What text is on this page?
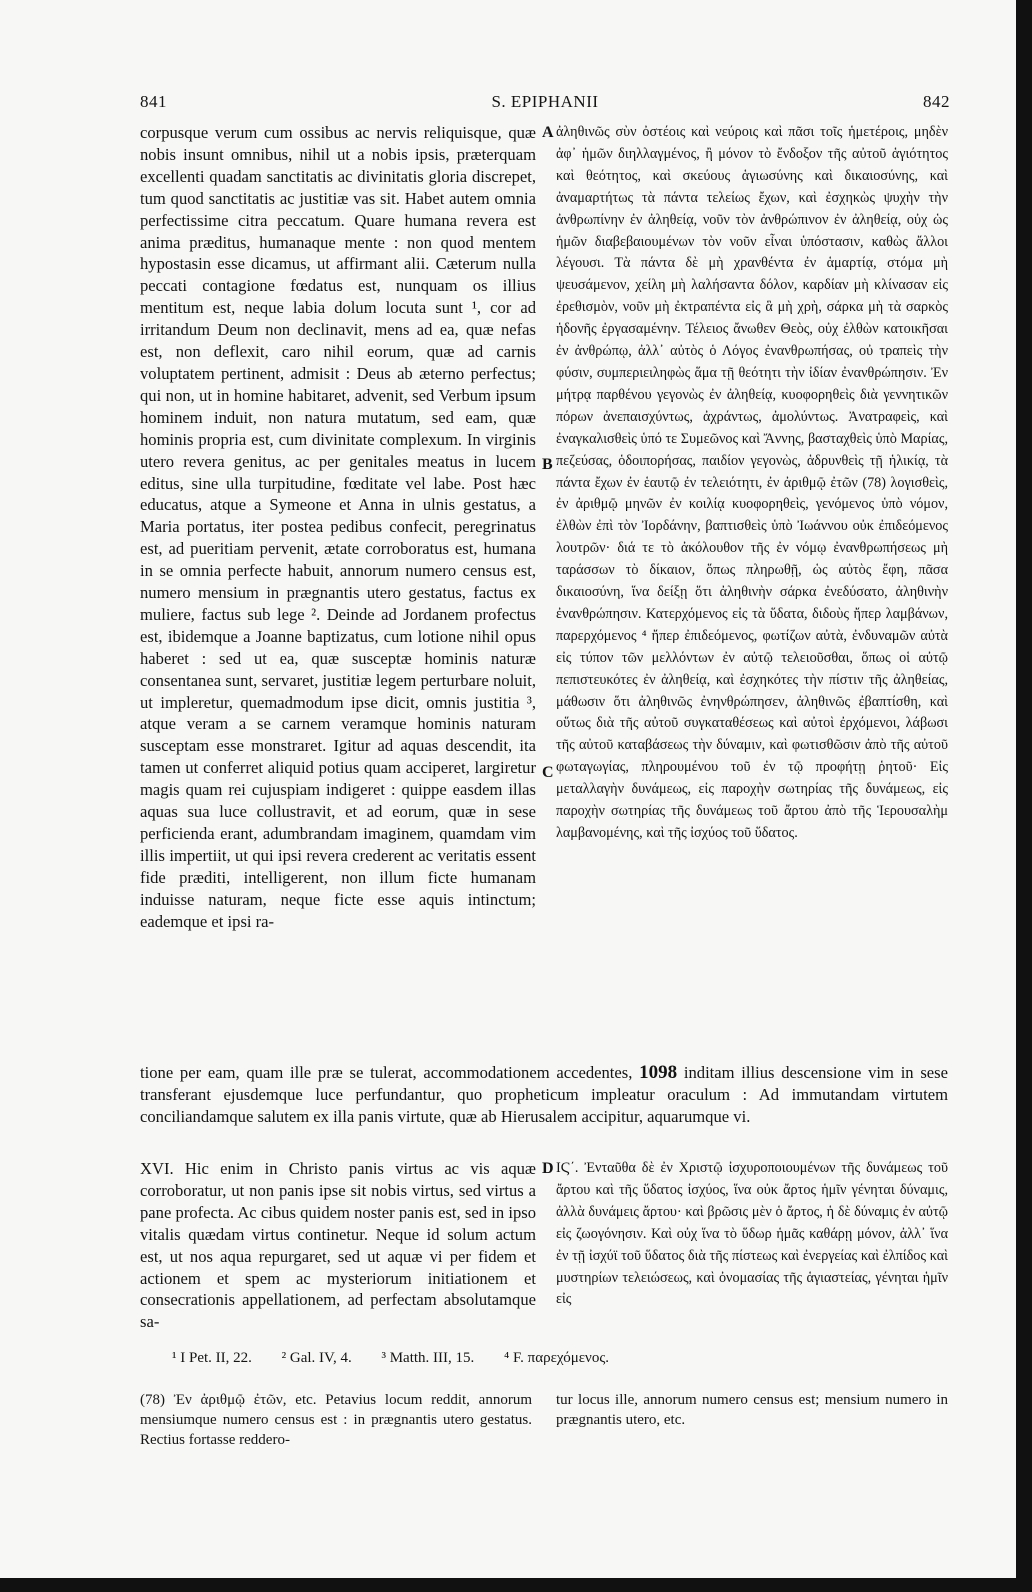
841	S. EPIPHANII	842

corpusque verum cum ossibus ac nervis reliquisque, quæ nobis insunt omnibus, nihil ut a nobis ipsis, præterquam excellenti quadam sanctitatis ac divinitatis gloria discrepet, tum quod sanctitatis ac justitiæ vas sit. Habet autem omnia perfectissime citra peccatum. Quare humana revera est anima præditus, humanaque mente : non quod mentem hypostasin esse dicamus, ut affirmant alii. Cæterum nulla peccati contagione fœdatus est, nunquam os illius mentitum est, neque labia dolum locuta sunt ¹, cor ad irritandum Deum non declinavit, mens ad ea, quæ nefas est, non deflexit, caro nihil eorum, quæ ad carnis voluptatem pertinent, admisit : Deus ab æterno perfectus; qui non, ut in homine habitaret, advenit, sed Verbum ipsum hominem induit, non natura mutatum, sed eam, quæ hominis propria est, cum divinitate complexum. In virginis utero revera genitus, ac per genitales meatus in lucem editus, sine ulla turpitudine, fœditate vel labe. Post hæc educatus, atque a Symeone et Anna in ulnis gestatus, a Maria portatus, iter postea pedibus confecit, peregrinatus est, ad pueritiam pervenit, ætate corroboratus est, humana in se omnia perfecte habuit, annorum numero census est, numero mensium in prægnantis utero gestatus, factus ex muliere, factus sub lege ². Deinde ad Jordanem profectus est, ibidemque a Joanne baptizatus, cum lotione nihil opus haberet : sed ut ea, quæ susceptæ hominis naturæ consentanea sunt, servaret, justitiæ legem perturbare noluit, ut impleretur, quemadmodum ipse dicit, omnis justitia ³, atque veram a se carnem veramque hominis naturam susceptam esse monstraret. Igitur ad aquas descendit, ita tamen ut conferret aliquid potius quam acciperet, largiretur magis quam rei cujuspiam indigeret : quippe easdem illas aquas sua luce collustravit, et ad eorum, quæ in sese perficienda erant, adumbrandam imaginem, quamdam vim illis impertiit, ut qui ipsi revera crederent ac veritatis essent fide præditi, intelligerent, non illum ficte humanam induisse naturam, neque ficte esse aquis intinctum; eademque et ipsi ra-

A
B
C
D

ἀληθινῶς σὺν ὀστέοις καὶ νεύροις καὶ πᾶσι τοῖς ἡμετέροις, μηδὲν ἀφ᾽ ἡμῶν διηλλαγμένος, ἢ μόνον τὸ ἔνδοξον τῆς αὐτοῦ ἁγιότητος καὶ θεότητος, καὶ σκεύους ἁγιωσύνης καὶ δικαιοσύνης, καὶ ἀναμαρτήτως τὰ πάντα τελείως ἔχων, καὶ ἐσχηκὼς ψυχὴν τὴν ἀνθρωπίνην ἐν ἀληθείᾳ, νοῦν τὸν ἀνθρώπινον ἐν ἀληθείᾳ, οὐχ ὡς ἡμῶν διαβεβαιουμένων τὸν νοῦν εἶναι ὑπόστασιν, καθὼς ἄλλοι λέγουσι. Τὰ πάντα δὲ μὴ χρανθέντα ἐν ἁμαρτίᾳ, στόμα μὴ ψευσάμενον, χείλη μὴ λαλήσαντα δόλον, καρδίαν μὴ κλίνασαν εἰς ἐρεθισμὸν, νοῦν μὴ ἐκτραπέντα εἰς ἃ μὴ χρὴ, σάρκα μὴ τὰ σαρκὸς ἡδονῆς ἐργασαμένην. Τέλειος ἄνωθεν Θεὸς, οὐχ ἐλθὼν κατοικῆσαι ἐν ἀνθρώπῳ, ἀλλ᾽ αὐτὸς ὁ Λόγος ἐνανθρωπήσας, οὐ τραπεὶς τὴν φύσιν, συμπεριειληφὼς ἅμα τῇ θεότητι τὴν ἰδίαν ἐνανθρώπησιν. Ἐν μήτρᾳ παρθένου γεγονὼς ἐν ἀληθείᾳ, κυοφορηθεὶς διὰ γεννητικῶν πόρων ἀνεπαισχύντως, ἀχράντως, ἀμολύντως. Ἀνατραφεὶς, καὶ ἐναγκαλισθεὶς ὑπό τε Συμεῶνος καὶ Ἄννης, βασταχθεὶς ὑπὸ Μαρίας, πεζεύσας, ὁδοιπορήσας, παιδίον γεγονὼς, ἁδρυνθεὶς τῇ ἡλικίᾳ, τὰ πάντα ἔχων ἐν ἑαυτῷ ἐν τελειότητι, ἐν ἀριθμῷ ἐτῶν (78) λογισθεὶς, ἐν ἀριθμῷ μηνῶν ἐν κοιλίᾳ κυοφορηθεὶς, γενόμενος ὑπὸ νόμον, ἐλθὼν ἐπὶ τὸν Ἰορδάνην, βαπτισθεὶς ὑπὸ Ἰωάννου οὐκ ἐπιδεόμενος λουτρῶν· διά τε τὸ ἀκόλουθον τῆς ἐν νόμῳ ἐνανθρωπήσεως μὴ ταράσσων τὸ δίκαιον, ὅπως πληρωθῇ, ὡς αὐτὸς ἔφη, πᾶσα δικαιοσύνη, ἵνα δείξῃ ὅτι ἀληθινὴν σάρκα ἐνεδύσατο, ἀληθινὴν ἐνανθρώπησιν. Κατερχόμενος εἰς τὰ ὕδατα, διδοὺς ἤπερ λαμβάνων, παρερχόμενος ⁴ ἤπερ ἐπιδεόμενος, φωτίζων αὐτὰ, ἐνδυναμῶν αὐτὰ εἰς τύπον τῶν μελλόντων ἐν αὐτῷ τελειοῦσθαι, ὅπως οἱ αὐτῷ πεπιστευκότες ἐν ἀληθείᾳ, καὶ ἐσχηκότες τὴν πίστιν τῆς ἀληθείας, μάθωσιν ὅτι ἀληθινῶς ἐνηνθρώπησεν, ἀληθινῶς ἐβαπτίσθη, καὶ οὕτως διὰ τῆς αὐτοῦ συγκαταθέσεως καὶ αὐτοὶ ἐρχόμενοι, λάβωσι τῆς αὐτοῦ καταβάσεως τὴν δύναμιν, καὶ φωτισθῶσιν ἀπὸ τῆς αὐτοῦ φωταγωγίας, πληρουμένου τοῦ ἐν τῷ προφήτῃ ῥητοῦ· Εἰς μεταλλαγὴν δυνάμεως, εἰς παροχὴν σωτηρίας τῆς δυνάμεως, εἰς παροχὴν σωτηρίας τῆς δυνάμεως τοῦ ἄρτου ἀπὸ τῆς Ἱερουσαλὴμ λαμβανομένης, καὶ τῆς ἰσχύος τοῦ ὕδατος.

tione per eam, quam ille præ se tulerat, accommodationem accedentes, 1098 inditam illius descensione vim in sese transferant ejusdemque luce perfundantur, quo propheticum impleatur oraculum : Ad immutandam virtutem conciliandamque salutem ex illa panis virtute, quæ ab Hierusalem accipitur, aquarumque vi.

XVI. Hic enim in Christo panis virtus ac vis aquæ corroboratur, ut non panis ipse sit nobis virtus, sed virtus a pane profecta. Ac cibus quidem noster panis est, sed in ipso vitalis quædam virtus continetur. Neque id solum actum est, ut nos aqua repurgaret, sed ut aquæ vi per fidem et actionem et spem ac mysteriorum initiationem et consecrationis appellationem, ad perfectam absolutamque sa-

ΙϚ΄. Ἐνταῦθα δὲ ἐν Χριστῷ ἰσχυροποιουμένων τῆς δυνάμεως τοῦ ἄρτου καὶ τῆς ὕδατος ἰσχύος, ἵνα οὐκ ἄρτος ἡμῖν γένηται δύναμις, ἀλλὰ δυνάμεις ἄρτου· καὶ βρῶσις μὲν ὁ ἄρτος, ἡ δὲ δύναμις ἐν αὐτῷ εἰς ζωογόνησιν. Καὶ οὐχ ἵνα τὸ ὕδωρ ἡμᾶς καθάρῃ μόνον, ἀλλ᾽ ἵνα ἐν τῇ ἰσχύϊ τοῦ ὕδατος διὰ τῆς πίστεως καὶ ἐνεργείας καὶ ἐλπίδος καὶ μυστηρίων τελειώσεως, καὶ ὀνομασίας τῆς ἁγιαστείας, γένηται ἡμῖν εἰς

¹ I Pet. II, 22. ² Gal. IV, 4. ³ Matth. III, 15. ⁴ F. παρεχόμενος.
(78) Ἐν ἀριθμῷ ἐτῶν, etc. Petavius locum reddit, annorum mensiumque numero census est : in prægnantis utero gestatus. Rectius fortasse reddero-
tur locus ille, annorum numero census est; mensium numero in prægnantis utero, etc.
